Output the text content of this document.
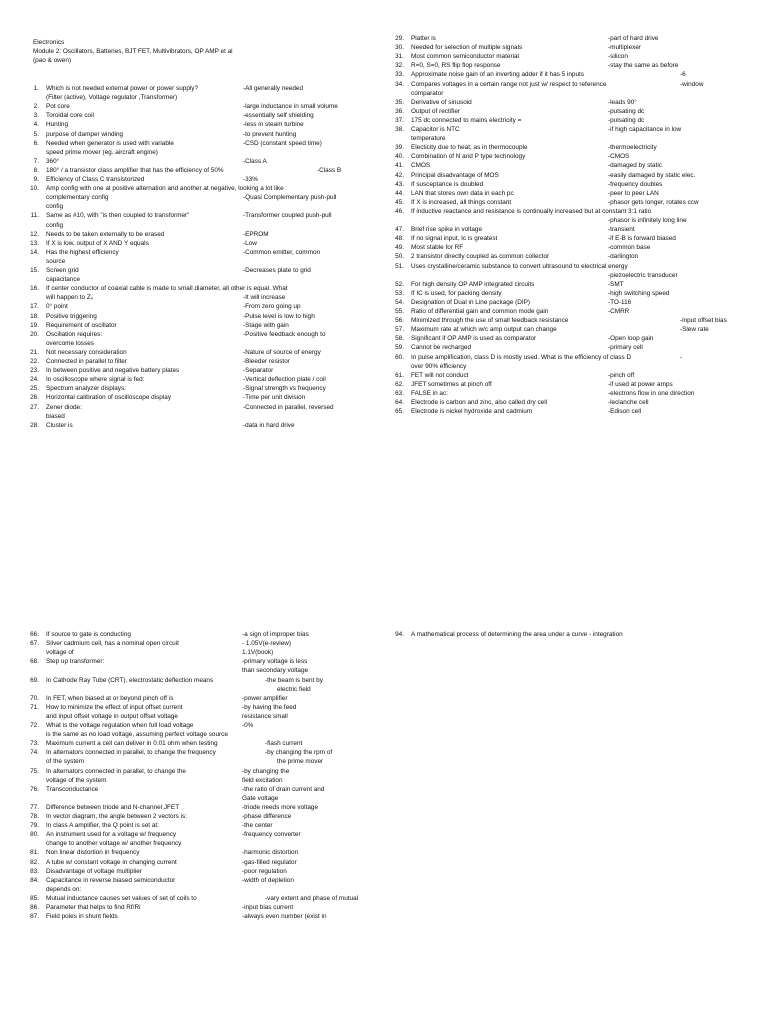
Electronics
Module 2: Oscillators, Batteries, BJT FET, Multivibrators, OP AMP et al
(pao & owen)
1. Which is not needed external power or power supply?	-All generally needed
(Filter (active), Voltage regulator ,Transformer)
2. Pot core	-large inductance in small volume
3. Toroidal core coil	-essentially self shielding
4. Hunting	-less in steam turbine
5. purpose of damper winding	-to prevent hunting
6. Needed when generator is used with variable	-CSD (constant speed time)
speed prime mover (eg. aircraft engine)
7. 360°	-Class A
8. 180° / a transistor class amplifier that has the efficiency of 50%	-Class B
9. Efficiency of Class C transistorized	-33%
10. Amp config with one at positive alternation and another at negative, looking a lot like
complementary config	-Quasi Complementary push-pull
config
11. Same as #10, with "is then coupled to transformer"	-Transformer coupled push-pull
config
12. Needs to be taken externally to be erased	-EPROM
13. If X is low, output of X AND Y equals	-Low
14. Has the highest efficiency	-Common emitter, common
source
15. Screen grid	-Decreases plate to grid
capacitance
16. If center conductor of coaxial cable is made to small diameter, all other is equal. What
will happen to Z₀	-It will increase
17. 0° point	-From zero going up
18. Positive triggering	-Pulse level is low to high
19. Requirement of oscillator	-Stage with gain
20. Oscillation requires:	-Positive feedback enough to
overcome losses
21. Not necessary consideration	-Nature of source of energy
22. Connected in parallel to filter	-Bleeder resistor
23. In between positive and negative battery plates	-Separator
24. In oscilloscope where signal is fed:	-Vertical deflection plate / coil
25. Spectrum analyzer displays:	-Signal strength vs frequency
26. Horizontal calibration of oscilloscope display	-Time per unit division
27. Zener diode:	-Connected in parallel, reversed
biased
28. Cluster is	-data in hard drive
29. Platter is	-part of hard drive
30. Needed for selection of multiple signals	-multiplexer
31. Most common semiconductor material	-silicon
32. R=0, S=0, RS flip flop response	-stay the same as before
33. Approximate noise gain of an inverting adder if it has 5 inputs	-6
34. Compares voltages in a certain range not just w/ respect to reference	-window
comparator
35. Derivative of sinusoid	-leads 90°
36. Output of rectifier	-pulsating dc
37. 175 dc connected to mains electricity =	-pulsating dc
38. Capacitor is NTC	-if high capacitance in low
temperature
39. Electicity due to heat, as in thermocouple	-thermoelectricity
40. Combination of N and P type technology	-CMOS
41. CMOS	-damaged by static
42. Principal disadvantage of MOS	-easily damaged by static elec.
43. If susceptance is doubled	-frequency doubles
44. LAN that stores own data in each pc	-peer to peer LAN
45. If X is increased, all things constant	-phasor gets longer, rotates ccw
46. If inductive reactance and resistance is continually increased but at constant 3:1 ratio
-phasor is infinitely long line
47. Brief rise spike in voltage	-transient
48. If no signal input, Iᴄ is greatest	-if E-B is forward biased
49. Most stable for RF	-common base
50. 2 transistor directly coupled as common collector	-darlington
51. Uses crystalline/ceramic substance to convert ultrasound to electrical energy
-piezoelectric transducer
52. For high density OP AMP integrated circuits	-SMT
53. If IC is used, for packing density	-high switching speed
54. Designation of Dual in Line package (DIP)	-TO-116
55. Ratio of differential gain and common mode gain	-CMRR
56. Minimized through the use of small feedback resistance	-input offset bias
57. Maximum rate at which w/c amp output can change	-Slew rate
58. Significant if OP AMP is used as comparator	-Open loop gain
59. Cannot be recharged	-primary cell
60. In pulse amplification, class D is mostly used. What is the efficiency of class D	-
over 90% efficiency
61. FET will not conduct	-pinch off
62. JFET sometimes at pinch off	-if used at power amps
63. FALSE in ac:	-electrons flow in one direction
64. Electrode is carbon and zinc, also called dry cell	-leclanche cell
65. Electrode is nickel hydroxide and cadmium	-Edison cell
66. If source to gate is conducting	-a sign of improper bias
67. Silver cadmium cell, has a nominal open circuit	- 1.05V(e-review)
voltage of	1.1V(book)
68. Step up transformer:	-primary voltage is less
than secondary voltage
69. In Cathode Ray Tube (CRT), electrostatic deflection means	-the beam is bent by
electric field
70. In FET, when biased at or beyond pinch off is	-power amplifier
71. How to minimize the effect of input offset current	-by having the feed
and input offset voltage in output offset voltage	resistance small
72. What is the voltage regulation when full load voltage	-0%
is the same as no load voltage, assuming perfect voltage source
73. Maximum current a cell can deliver in 0.01 ohm when testing	-flash current
74. In alternators connected in parallel, to change the frequency	-by changing the rpm of
of the system	the prime mover
75. In alternators connected in parallel, to change the	-by changing the
voltage of the system	field excitation
76. Transconductance	-the ratio of drain current and
Gate voltage
77. Difference between triode and N-channel JFET	-triode needs more voltage
78. In vector diagram, the angle between 2 vectors is:	-phase difference
79. In class A amplifier, the Q point is set at:	-the center
80. An instrument used for a voltage w/ frequency	-frequency converter
change to another voltage w/ another frequency
81. Non linear distortion in frequency	-harmonic distortion
82. A tube w/ constant voltage in changing current	-gas-filled regulator
83. Disadvantage of voltage multiplier	-poor regulation
84. Capacitance in reverse biased semiconductor	-width of depletion
depends on:
85. Mutual inductance causes set values of set of coils to	-vary extent and phase of mutual
86. Parameter that helps to find Rf/Ri	-input bias current
87. Field poles in shunt fields	-always even number (exist in
94. A mathematical process of determining the area under a curve - integration
